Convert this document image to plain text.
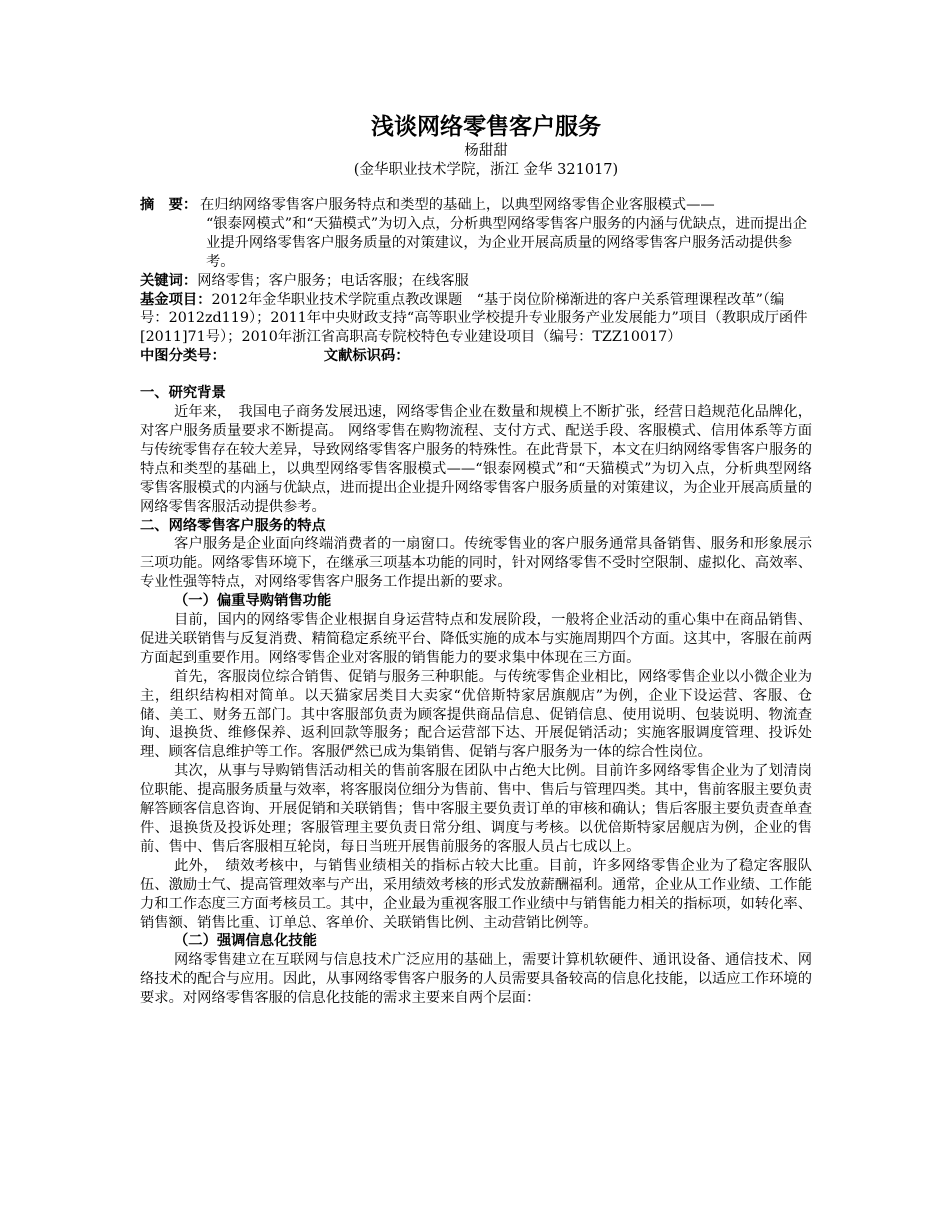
浅谈网络零售客户服务
杨甜甜
(金华职业技术学院，浙江 金华 321017)
摘　要： 在归纳网络零售客户服务特点和类型的基础上，以典型网络零售企业客服模式——
“银泰网模式”和“天猫模式”为切入点，分析典型网络零售客户服务的内涵与优缺点，进而提出企业提升网络零售客户服务质量的对策建议，为企业开展高质量的网络零售客户服务活动提供参考。
关键词：网络零售；客户服务；电话客服；在线客服
基金项目：2012年金华职业技术学院重点教改课题　“基于岗位阶梯渐进的客户关系管理课程改革”（编号：2012zd119）；2011年中央财政支持“高等职业学校提升专业服务产业发展能力”项目（教职成厅函件[2011]71号）；2010年浙江省高职高专院校特色专业建设项目（编号：TZZ10017）
中图分类号：	文献标识码：
一、研究背景
近年来，　我国电子商务发展迅速，网络零售企业在数量和规模上不断扩张，经营日趋规范化品牌化，对客户服务质量要求不断提高。 网络零售在购物流程、支付方式、配送手段、客服模式、信用体系等方面与传统零售存在较大差异，导致网络零售客户服务的特殊性。在此背景下，本文在归纳网络零售客户服务的特点和类型的基础上，以典型网络零售客服模式——“银泰网模式”和“天猫模式”为切入点，分析典型网络零售客服模式的内涵与优缺点，进而提出企业提升网络零售客户服务质量的对策建议，为企业开展高质量的网络零售客服活动提供参考。
二、网络零售客户服务的特点
客户服务是企业面向终端消费者的一扇窗口。传统零售业的客户服务通常具备销售、服务和形象展示三项功能。网络零售环境下，在继承三项基本功能的同时，针对网络零售不受时空限制、虚拟化、高效率、专业性强等特点，对网络零售客户服务工作提出新的要求。
（一）偏重导购销售功能
目前，国内的网络零售企业根据自身运营特点和发展阶段，一般将企业活动的重心集中在商品销售、促进关联销售与反复消费、精简稳定系统平台、降低实施的成本与实施周期四个方面。这其中，客服在前两方面起到重要作用。网络零售企业对客服的销售能力的要求集中体现在三方面。
首先，客服岗位综合销售、促销与服务三种职能。与传统零售企业相比，网络零售企业以小微企业为主，组织结构相对简单。以天猫家居类目大卖家“优倍斯特家居旗舰店”为例，企业下设运营、客服、仓储、美工、财务五部门。其中客服部负责为顾客提供商品信息、促销信息、使用说明、包装说明、物流查询、退换货、维修保养、返利回款等服务；配合运营部下达、开展促销活动；实施客服调度管理、投诉处理、顾客信息维护等工作。客服俨然已成为集销售、促销与客户服务为一体的综合性岗位。
其次，从事与导购销售活动相关的售前客服在团队中占绝大比例。目前许多网络零售企业为了划清岗位职能、提高服务质量与效率，将客服岗位细分为售前、售中、售后与管理四类。其中，售前客服主要负责解答顾客信息咨询、开展促销和关联销售；售中客服主要负责订单的审核和确认；售后客服主要负责查单查件、退换货及投诉处理；客服管理主要负责日常分组、调度与考核。以优倍斯特家居舰店为例，企业的售前、售中、售后客服相互轮岗，每日当班开展售前服务的客服人员占七成以上。
此外，　绩效考核中，与销售业绩相关的指标占较大比重。目前，许多网络零售企业为了稳定客服队伍、激励士气、提高管理效率与产出，采用绩效考核的形式发放薪酬福利。通常，企业从工作业绩、工作能力和工作态度三方面考核员工。其中，企业最为重视客服工作业绩中与销售能力相关的指标项，如转化率、销售额、销售比重、订单总、客单价、关联销售比例、主动营销比例等。
（二）强调信息化技能
网络零售建立在互联网与信息技术广泛应用的基础上，需要计算机软硬件、通讯设备、通信技术、网络技术的配合与应用。因此，从事网络零售客户服务的人员需要具备较高的信息化技能，以适应工作环境的要求。对网络零售客服的信息化技能的需求主要来自两个层面：
